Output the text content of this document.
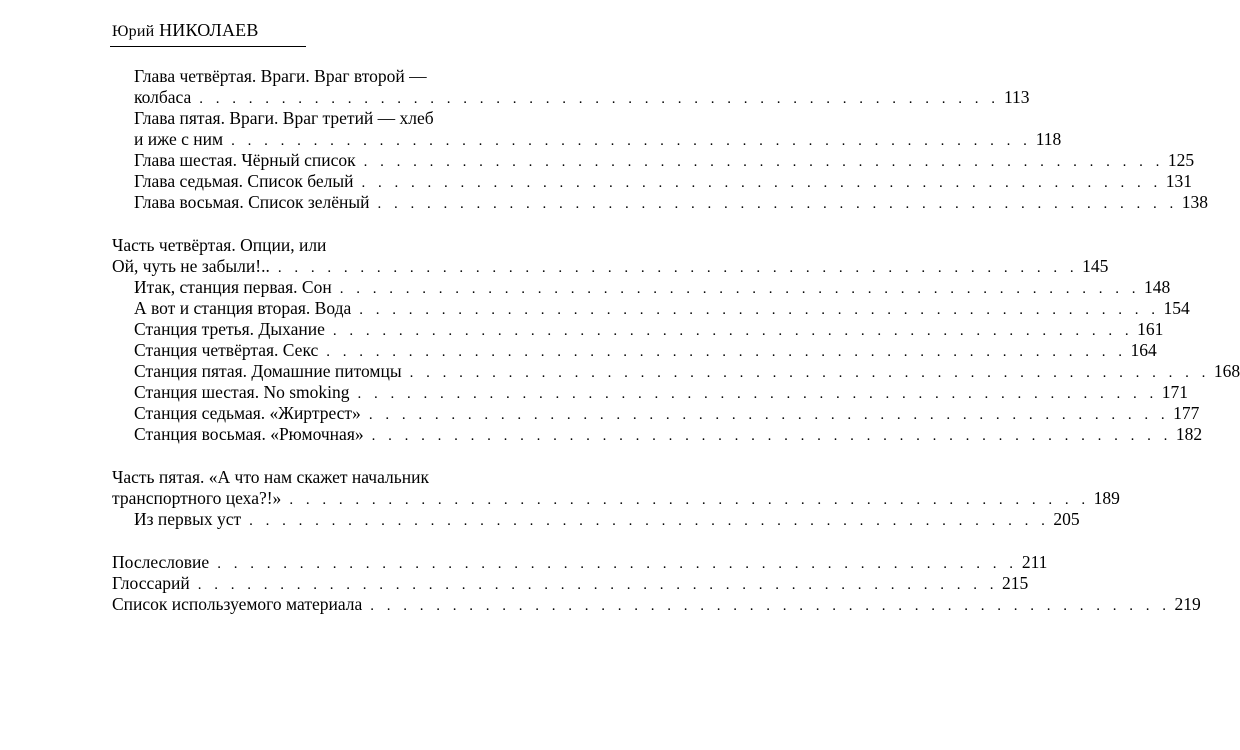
Юрий НИКОЛАЕВ
Глава четвёртая. Враги. Враг второй —
колбаса . . . . . . . . . . . . . . . . . . . . . . . . . . . . . . . . . . . . . . . . . . . . . . . . . 113
Глава пятая. Враги. Враг третий — хлеб
и иже с ним . . . . . . . . . . . . . . . . . . . . . . . . . . . . . . . . . . . . . . . . . . . . . . . . . 118
Глава шестая. Чёрный список . . . . . . . . . . . . . . . . . . . . . . . . . . . . . . . . . . . . . . . . . . . . . . . . . 125
Глава седьмая. Список белый . . . . . . . . . . . . . . . . . . . . . . . . . . . . . . . . . . . . . . . . . . . . . . . . . 131
Глава восьмая. Список зелёный . . . . . . . . . . . . . . . . . . . . . . . . . . . . . . . . . . . . . . . . . . . . . . . . . 138
Часть четвёртая. Опции, или
Ой, чуть не забыли!.. . . . . . . . . . . . . . . . . . . . . . . . . . . . . . . . . . . . . . . . . . . . . . . . . . 145
Итак, станция первая. Сон . . . . . . . . . . . . . . . . . . . . . . . . . . . . . . . . . . . . . . . . . . . . . . . . . 148
А вот и станция вторая. Вода . . . . . . . . . . . . . . . . . . . . . . . . . . . . . . . . . . . . . . . . . . . . . . . . . 154
Станция третья. Дыхание . . . . . . . . . . . . . . . . . . . . . . . . . . . . . . . . . . . . . . . . . . . . . . . . . 161
Станция четвёртая. Секс . . . . . . . . . . . . . . . . . . . . . . . . . . . . . . . . . . . . . . . . . . . . . . . . . 164
Станция пятая. Домашние питомцы . . . . . . . . . . . . . . . . . . . . . . . . . . . . . . . . . . . . . . . . . . . . . . . . . 168
Станция шестая. No smoking . . . . . . . . . . . . . . . . . . . . . . . . . . . . . . . . . . . . . . . . . . . . . . . . . 171
Станция седьмая. «Жиртрест» . . . . . . . . . . . . . . . . . . . . . . . . . . . . . . . . . . . . . . . . . . . . . . . . . 177
Станция восьмая. «Рюмочная» . . . . . . . . . . . . . . . . . . . . . . . . . . . . . . . . . . . . . . . . . . . . . . . . . 182
Часть пятая. «А что нам скажет начальник
транспортного цеха?!» . . . . . . . . . . . . . . . . . . . . . . . . . . . . . . . . . . . . . . . . . . . . . . . . . 189
Из первых уст . . . . . . . . . . . . . . . . . . . . . . . . . . . . . . . . . . . . . . . . . . . . . . . . . 205
Послесловие . . . . . . . . . . . . . . . . . . . . . . . . . . . . . . . . . . . . . . . . . . . . . . . . . 211
Глоссарий . . . . . . . . . . . . . . . . . . . . . . . . . . . . . . . . . . . . . . . . . . . . . . . . . 215
Список используемого материала . . . . . . . . . . . . . . . . . . . . . . . . . . . . . . . . . . . . . . . . . . . . . . . . . 219
